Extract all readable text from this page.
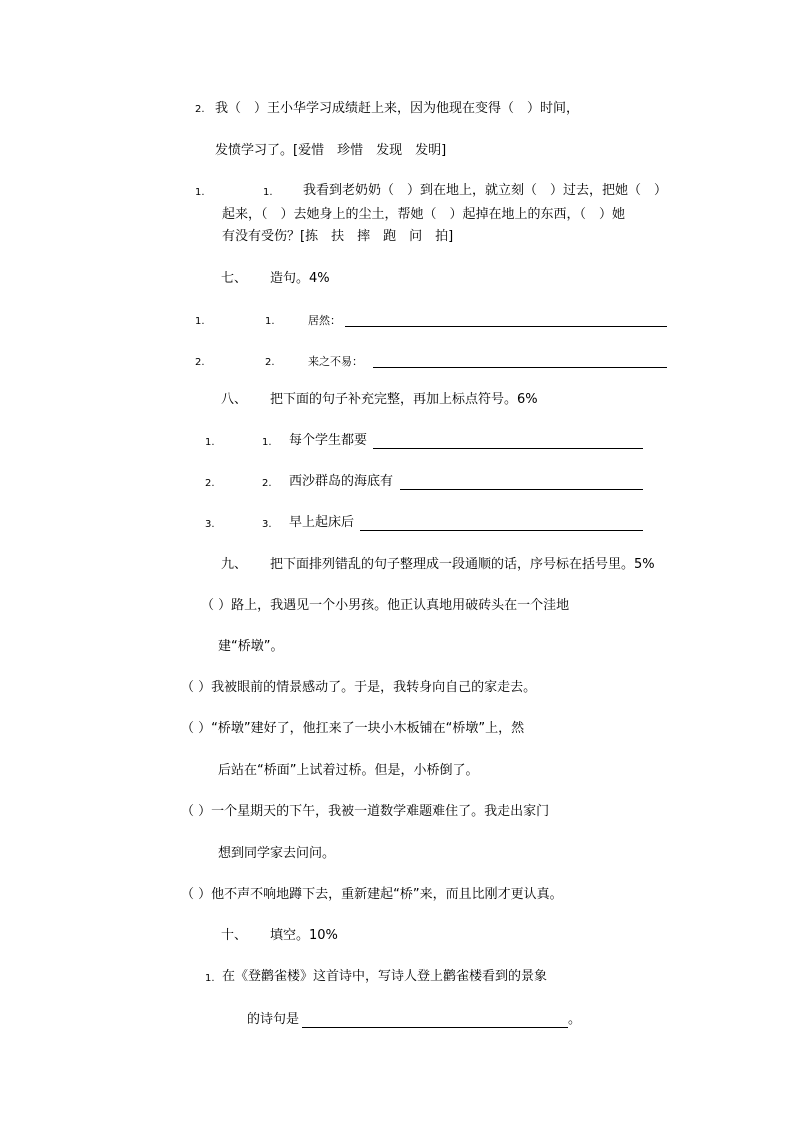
2. 我（　）王小华学习成绩赶上来，因为他现在变得（　）时间，
发愤学习了。[爱惜　珍惜　发现　发明]
1.	1. 我看到老奶奶（　）到在地上，就立刻（　）过去，把她（　）
起来，（　）去她身上的尘土，帮她（　）起掉在地上的东西，（　）她
有没有受伤？[拣　扶　摔　跑　问　拍]
七、 造句。4%
1.	1.	居然：
2.	2.	来之不易：
八、 把下面的句子补充完整，再加上标点符号。6%
1.	1. 每个学生都要
2.	2. 西沙群岛的海底有
3.	3. 早上起床后
九、 把下面排列错乱的句子整理成一段通顺的话，序号标在括号里。5%
（ ）路上，我遇见一个小男孩。他正认真地用破砖头在一个洼地
建“桥墩”。
（ ）我被眼前的情景感动了。于是，我转身向自己的家走去。
（ ）“桥墩”建好了，他扛来了一块小木板铺在“桥墩”上，然
后站在“桥面”上试着过桥。但是，小桥倒了。
（ ）一个星期天的下午，我被一道数学难题难住了。我走出家门
想到同学家去问问。
（ ）他不声不响地蹲下去，重新建起“桥”来，而且比刚才更认真。
十、 填空。10%
1. 在《登鹳雀楼》这首诗中，写诗人登上鹳雀楼看到的景象
的诗句是	。
